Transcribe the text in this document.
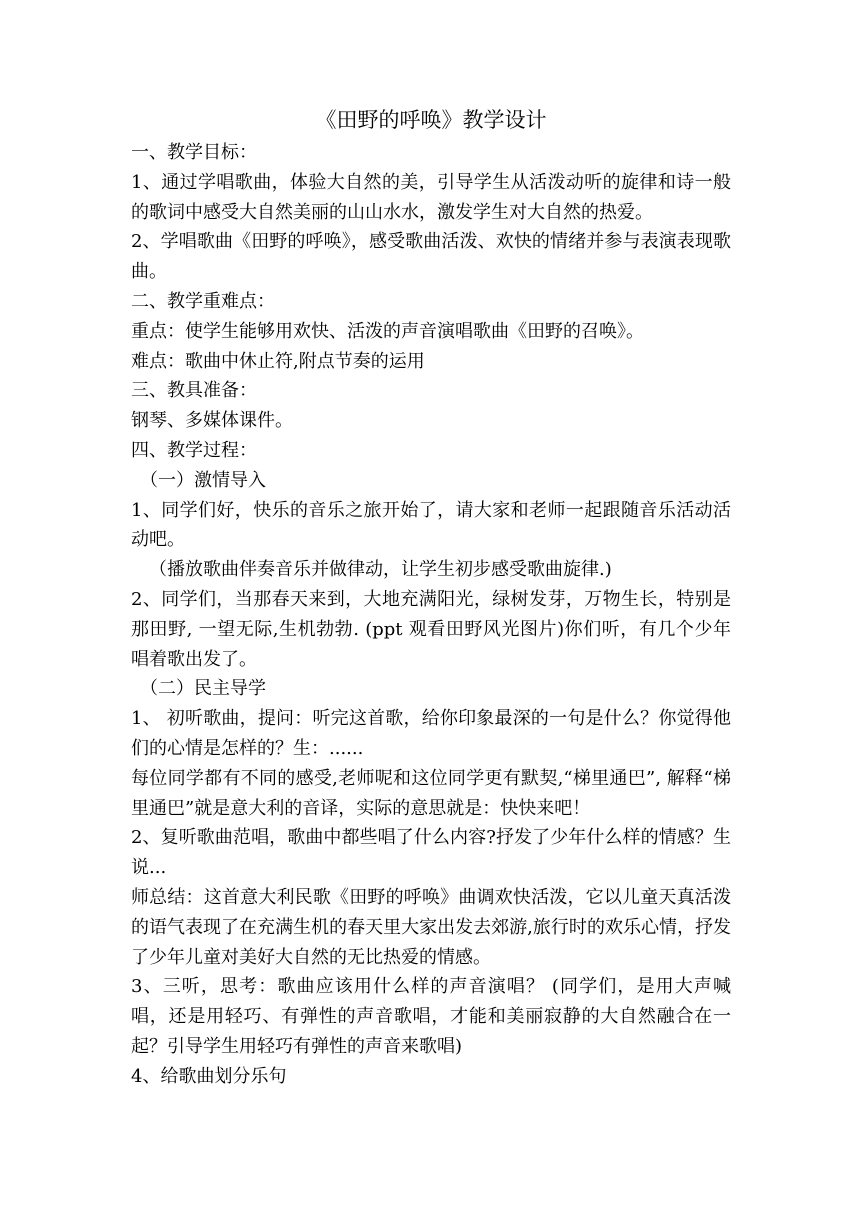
《田野的呼唤》教学设计

一、教学目标：

1、通过学唱歌曲，体验大自然的美，引导学生从活泼动听的旋律和诗一般的歌词中感受大自然美丽的山山水水，激发学生对大自然的热爱。

2、学唱歌曲《田野的呼唤》，感受歌曲活泼、欢快的情绪并参与表演表现歌曲。

二、教学重难点：

重点：使学生能够用欢快、活泼的声音演唱歌曲《田野的召唤》。

难点：歌曲中休止符,附点节奏的运用

三、教具准备：

钢琴、多媒体课件。

四、教学过程：

（一）激情导入

1、同学们好，快乐的音乐之旅开始了，请大家和老师一起跟随音乐活动活动吧。

（播放歌曲伴奏音乐并做律动，让学生初步感受歌曲旋律.)

2、同学们，当那春天来到，大地充满阳光，绿树发芽，万物生长，特别是那田野, 一望无际,生机勃勃. (ppt 观看田野风光图片)你们听，有几个少年唱着歌出发了。

（二）民主导学

1、 初听歌曲，提问：听完这首歌，给你印象最深的一句是什么？你觉得他们的心情是怎样的？生：......

每位同学都有不同的感受,老师呢和这位同学更有默契,“梯里通巴”, 解释“梯里通巴”就是意大利的音译，实际的意思就是：快快来吧！

2、复听歌曲范唱，歌曲中都些唱了什么内容?抒发了少年什么样的情感？生说...

师总结：这首意大利民歌《田野的呼唤》曲调欢快活泼，它以儿童天真活泼的语气表现了在充满生机的春天里大家出发去郊游,旅行时的欢乐心情，抒发了少年儿童对美好大自然的无比热爱的情感。

3、三听，思考：歌曲应该用什么样的声音演唱？ (同学们，是用大声喊唱，还是用轻巧、有弹性的声音歌唱，才能和美丽寂静的大自然融合在一起？引导学生用轻巧有弹性的声音来歌唱)

4、给歌曲划分乐句
